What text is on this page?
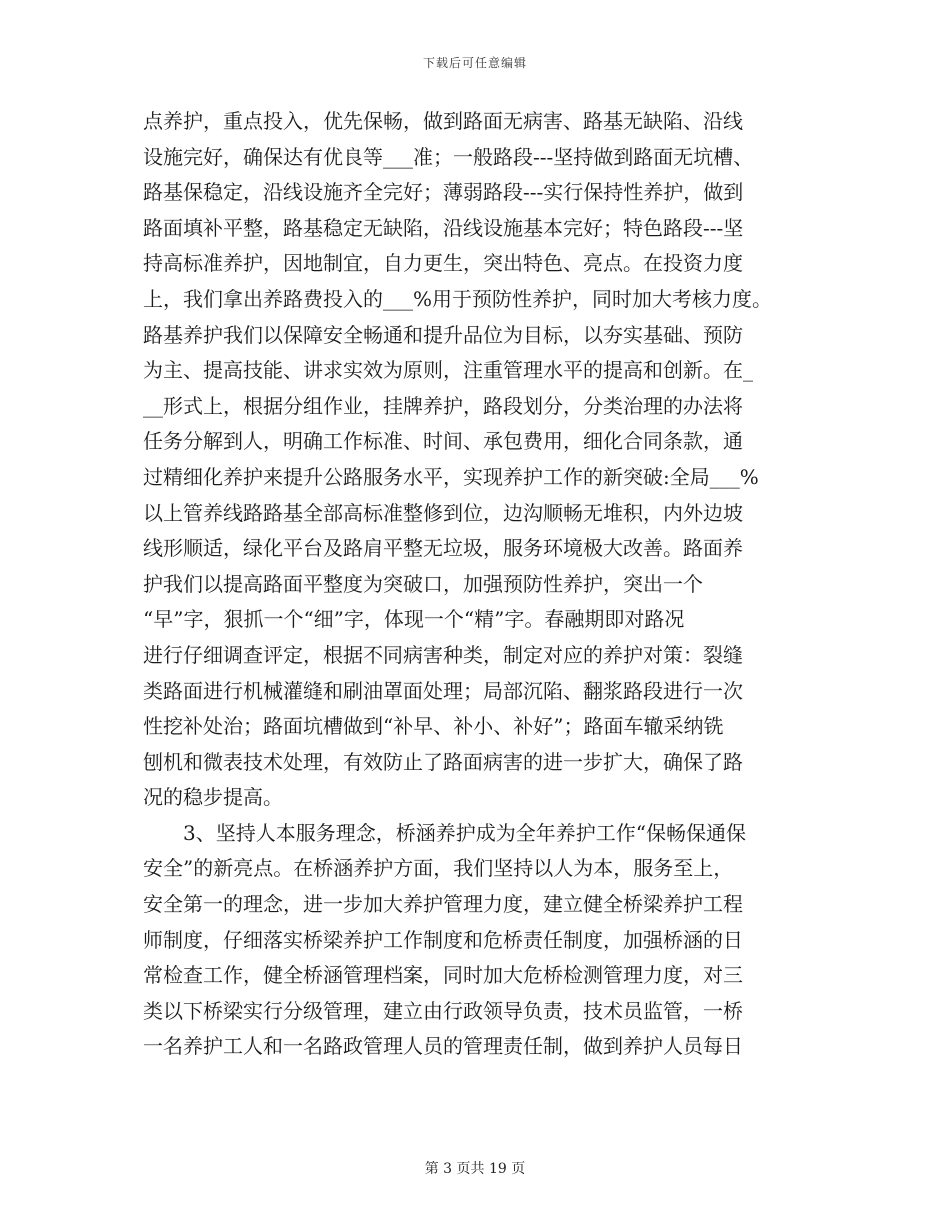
下载后可任意编辑
点养护，重点投入，优先保畅，做到路面无病害、路基无缺陷、沿线
设施完好，确保达有优良等___准；一般路段---坚持做到路面无坑槽、
路基保稳定，沿线设施齐全完好；薄弱路段---实行保持性养护，做到
路面填补平整，路基稳定无缺陷，沿线设施基本完好；特色路段---坚
持高标准养护，因地制宜，自力更生，突出特色、亮点。在投资力度
上，我们拿出养路费投入的___%用于预防性养护，同时加大考核力度。
路基养护我们以保障安全畅通和提升品位为目标，以夯实基础、预防
为主、提高技能、讲求实效为原则，注重管理水平的提高和创新。在_
__形式上，根据分组作业，挂牌养护，路段划分，分类治理的办法将
任务分解到人，明确工作标准、时间、承包费用，细化合同条款，通
过精细化养护来提升公路服务水平，实现养护工作的新突破:全局___%
以上管养线路路基全部高标准整修到位，边沟顺畅无堆积，内外边坡
线形顺适，绿化平台及路肩平整无垃圾，服务环境极大改善。路面养
护我们以提高路面平整度为突破口，加强预防性养护，突出一个
“早”字，狠抓一个“细”字，体现一个“精”字。春融期即对路况
进行仔细调查评定，根据不同病害种类，制定对应的养护对策：裂缝
类路面进行机械灌缝和刷油罩面处理；局部沉陷、翻浆路段进行一次
性挖补处治；路面坑槽做到“补早、补小、补好”；路面车辙采纳铣
刨机和微表技术处理，有效防止了路面病害的进一步扩大，确保了路
况的稳步提高。
　　3、坚持人本服务理念，桥涵养护成为全年养护工作“保畅保通保
安全”的新亮点。在桥涵养护方面，我们坚持以人为本，服务至上，
安全第一的理念，进一步加大养护管理力度，建立健全桥梁养护工程
师制度，仔细落实桥梁养护工作制度和危桥责任制度，加强桥涵的日
常检查工作，健全桥涵管理档案，同时加大危桥检测管理力度，对三
类以下桥梁实行分级管理，建立由行政领导负责，技术员监管，一桥
一名养护工人和一名路政管理人员的管理责任制，做到养护人员每日
第 3 页共 19 页
